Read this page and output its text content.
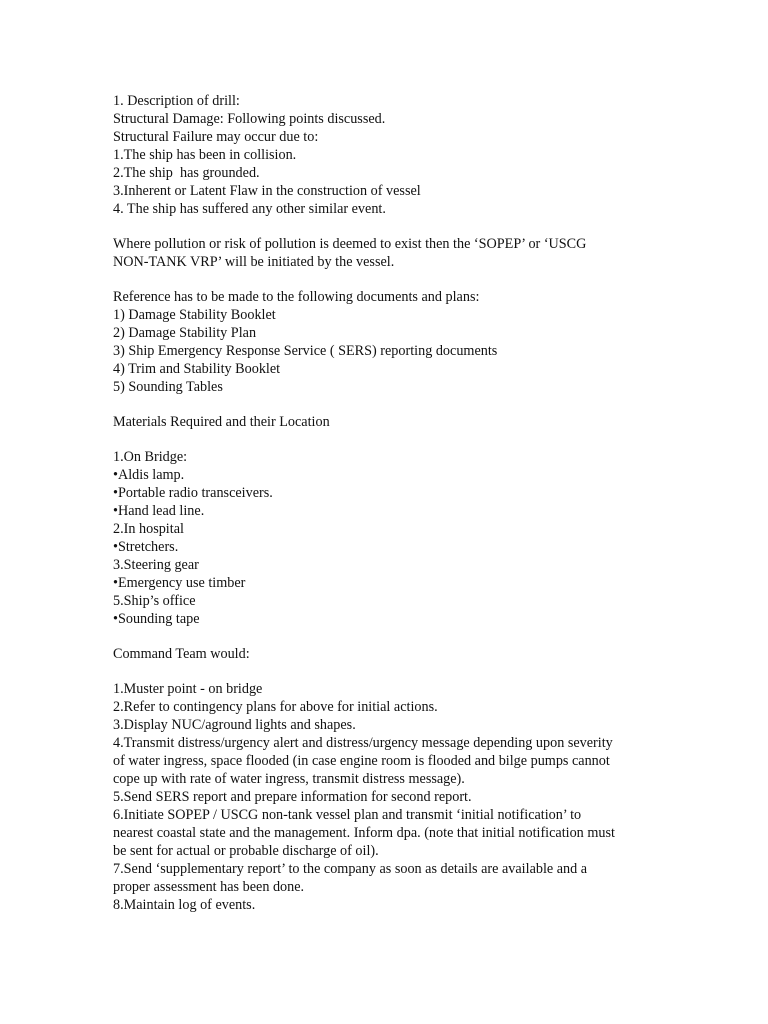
1. Description of drill:
Structural Damage: Following points discussed.
Structural Failure may occur due to:
1.The ship has been in collision.
2.The ship  has grounded.
3.Inherent or Latent Flaw in the construction of vessel
4. The ship has suffered any other similar event.
Where pollution or risk of pollution is deemed to exist then the ‘SOPEP’ or ‘USCG
NON-TANK VRP’ will be initiated by the vessel.
Reference has to be made to the following documents and plans:
1) Damage Stability Booklet
2) Damage Stability Plan
3) Ship Emergency Response Service ( SERS) reporting documents
4) Trim and Stability Booklet
5) Sounding Tables
Materials Required and their Location
1.On Bridge:
•Aldis lamp.
•Portable radio transceivers.
•Hand lead line.
2.In hospital
•Stretchers.
3.Steering gear
•Emergency use timber
5.Ship’s office
•Sounding tape
Command Team would:
1.Muster point - on bridge
2.Refer to contingency plans for above for initial actions.
3.Display NUC/aground lights and shapes.
4.Transmit distress/urgency alert and distress/urgency message depending upon severity
of water ingress, space flooded (in case engine room is flooded and bilge pumps cannot
cope up with rate of water ingress, transmit distress message).
5.Send SERS report and prepare information for second report.
6.Initiate SOPEP / USCG non-tank vessel plan and transmit ‘initial notification’ to
nearest coastal state and the management. Inform dpa. (note that initial notification must
be sent for actual or probable discharge of oil).
7.Send ‘supplementary report’ to the company as soon as details are available and a
proper assessment has been done.
8.Maintain log of events.
